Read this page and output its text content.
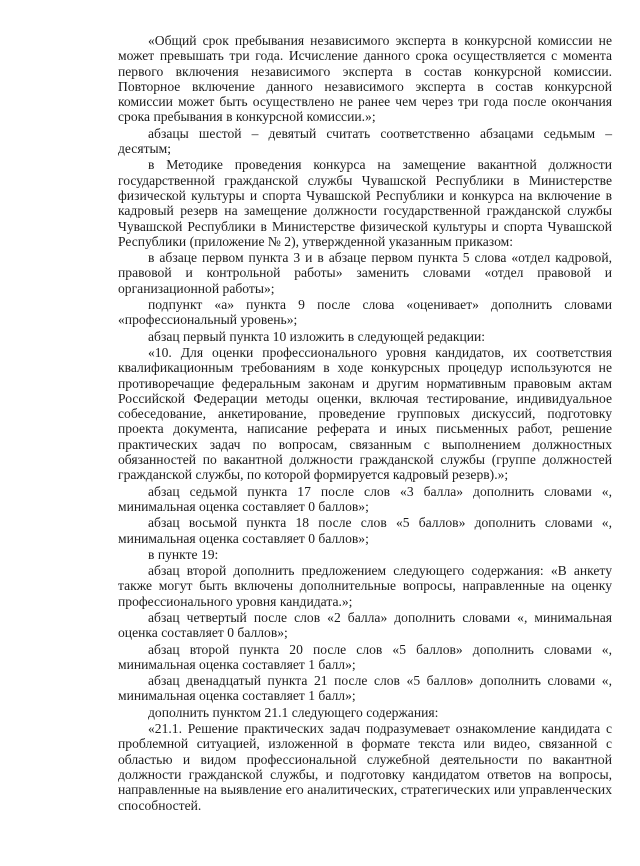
«Общий срок пребывания независимого эксперта в конкурсной комиссии не может превышать три года. Исчисление данного срока осуществляется с момента первого включения независимого эксперта в состав конкурсной комиссии. Повторное включение данного независимого эксперта в состав конкурсной комиссии может быть осуществлено не ранее чем через три года после окончания срока пребывания в конкурсной комиссии.»;

абзацы шестой – девятый считать соответственно абзацами седьмым – десятым;

в Методике проведения конкурса на замещение вакантной должности государственной гражданской службы Чувашской Республики в Министерстве физической культуры и спорта Чувашской Республики и конкурса на включение в кадровый резерв на замещение должности государственной гражданской службы Чувашской Республики в Министерстве физической культуры и спорта Чувашской Республики (приложение № 2), утвержденной указанным приказом:

в абзаце первом пункта 3 и в абзаце первом пункта 5 слова «отдел кадровой, правовой и контрольной работы» заменить словами «отдел правовой и организационной работы»;

подпункт «а» пункта 9 после слова «оценивает» дополнить словами «профессиональный уровень»;

абзац первый пункта 10 изложить в следующей редакции:

«10. Для оценки профессионального уровня кандидатов, их соответствия квалификационным требованиям в ходе конкурсных процедур используются не противоречащие федеральным законам и другим нормативным правовым актам Российской Федерации методы оценки, включая тестирование, индивидуальное собеседование, анкетирование, проведение групповых дискуссий, подготовку проекта документа, написание реферата и иных письменных работ, решение практических задач по вопросам, связанным с выполнением должностных обязанностей по вакантной должности гражданской службы (группе должностей гражданской службы, по которой формируется кадровый резерв).»;

абзац седьмой пункта 17 после слов «3 балла» дополнить словами «, минимальная оценка составляет 0 баллов»;

абзац восьмой пункта 18 после слов «5 баллов» дополнить словами «, минимальная оценка составляет 0 баллов»;

в пункте 19:

абзац второй дополнить предложением следующего содержания: «В анкету также могут быть включены дополнительные вопросы, направленные на оценку профессионального уровня кандидата.»;

абзац четвертый после слов «2 балла» дополнить словами «, минимальная оценка составляет 0 баллов»;

абзац второй пункта 20 после слов «5 баллов» дополнить словами «, минимальная оценка составляет 1 балл»;

абзац двенадцатый пункта 21 после слов «5 баллов» дополнить словами «, минимальная оценка составляет 1 балл»;

дополнить пунктом 21.1 следующего содержания:

«21.1. Решение практических задач подразумевает ознакомление кандидата с проблемной ситуацией, изложенной в формате текста или видео, связанной с областью и видом профессиональной служебной деятельности по вакантной должности гражданской службы, и подготовку кандидатом ответов на вопросы, направленные на выявление его аналитических, стратегических или управленческих способностей.
